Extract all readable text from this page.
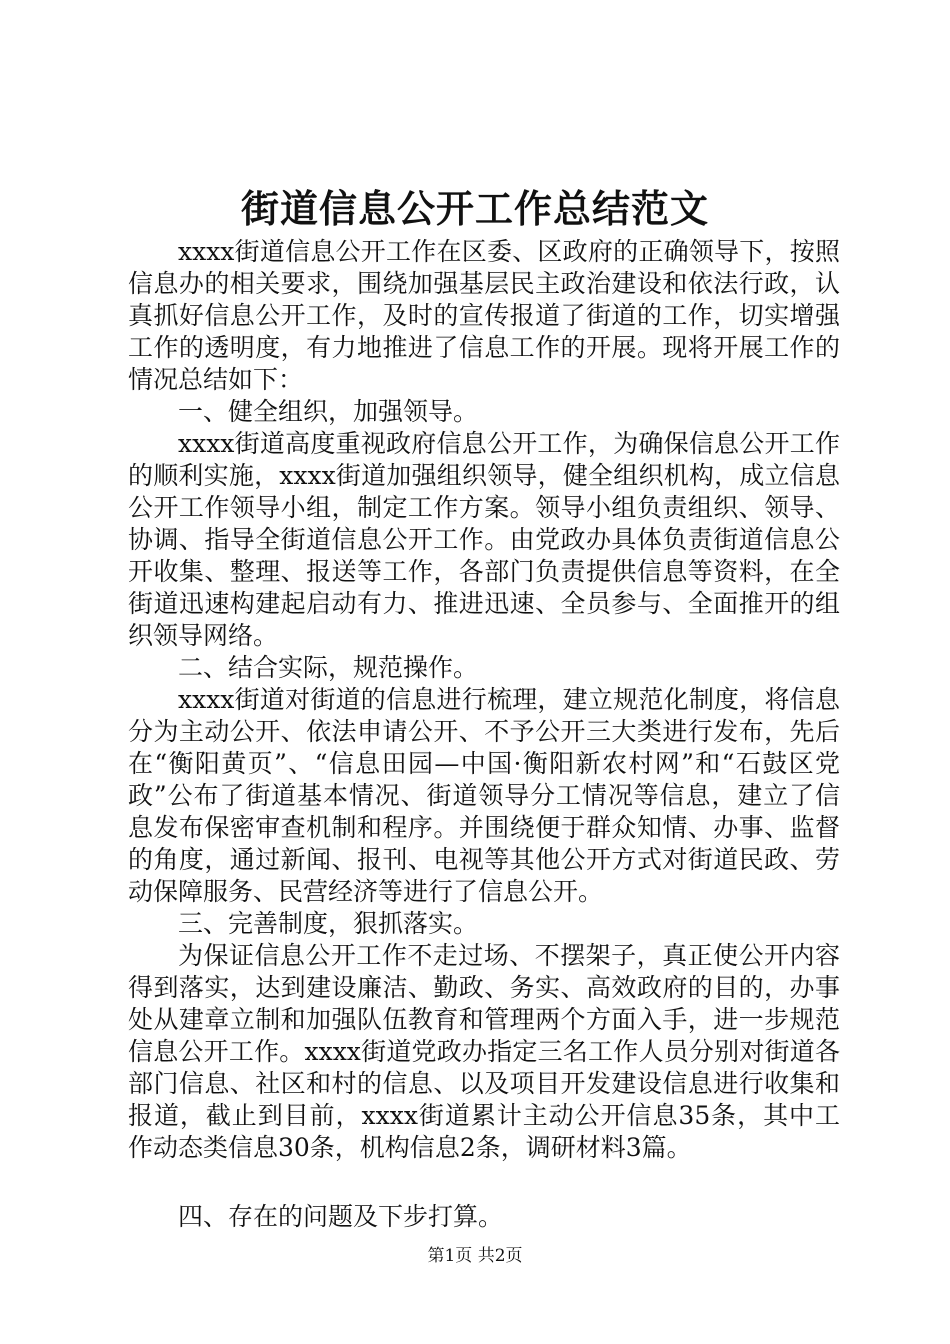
街道信息公开工作总结范文

xxxx街道信息公开工作在区委、区政府的正确领导下，按照信息办的相关要求，围绕加强基层民主政治建设和依法行政，认真抓好信息公开工作，及时的宣传报道了街道的工作，切实增强工作的透明度，有力地推进了信息工作的开展。现将开展工作的情况总结如下：

一、健全组织，加强领导。

xxxx街道高度重视政府信息公开工作，为确保信息公开工作的顺利实施，xxxx街道加强组织领导，健全组织机构，成立信息公开工作领导小组，制定工作方案。领导小组负责组织、领导、协调、指导全街道信息公开工作。由党政办具体负责街道信息公开收集、整理、报送等工作，各部门负责提供信息等资料，在全街道迅速构建起启动有力、推进迅速、全员参与、全面推开的组织领导网络。

二、结合实际，规范操作。

xxxx街道对街道的信息进行梳理，建立规范化制度，将信息分为主动公开、依法申请公开、不予公开三大类进行发布，先后在“衡阳黄页”、“信息田园—中国·衡阳新农村网”和“石鼓区党政”公布了街道基本情况、街道领导分工情况等信息，建立了信息发布保密审查机制和程序。并围绕便于群众知情、办事、监督的角度，通过新闻、报刊、电视等其他公开方式对街道民政、劳动保障服务、民营经济等进行了信息公开。

三、完善制度，狠抓落实。

为保证信息公开工作不走过场、不摆架子，真正使公开内容得到落实，达到建设廉洁、勤政、务实、高效政府的目的，办事处从建章立制和加强队伍教育和管理两个方面入手，进一步规范信息公开工作。xxxx街道党政办指定三名工作人员分别对街道各部门信息、社区和村的信息、以及项目开发建设信息进行收集和报道，截止到目前，xxxx街道累计主动公开信息35条，其中工作动态类信息30条，机构信息2条，调研材料3篇。

四、存在的问题及下步打算。

第1页 共2页
